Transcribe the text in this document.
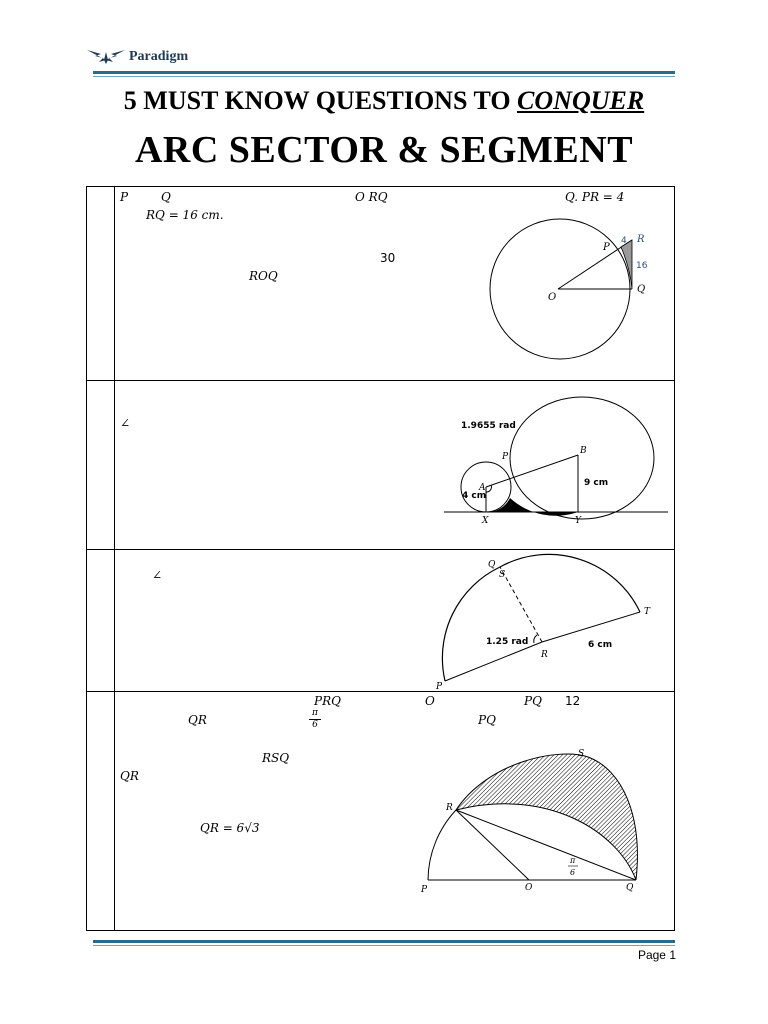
Paradigm
5 MUST KNOW QUESTIONS TO CONQUER
ARC SECTOR & SEGMENT
P	Q	O RQ	Q. PR = 4
RQ = 16 cm.
30
ROQ
P
4 R
16
O
Q
∠	1.9655 rad
B
P
A
4 cm
9 cm
X	Y
∠
Q
S
T
1.25 rad
R
6 cm
P
PRQ	O	PQ 12
QR	$\frac{\pi}{6}$	PQ
RSQ
QR
QR = 6√3
S
R
π
6
P	O	Q
Page 1
